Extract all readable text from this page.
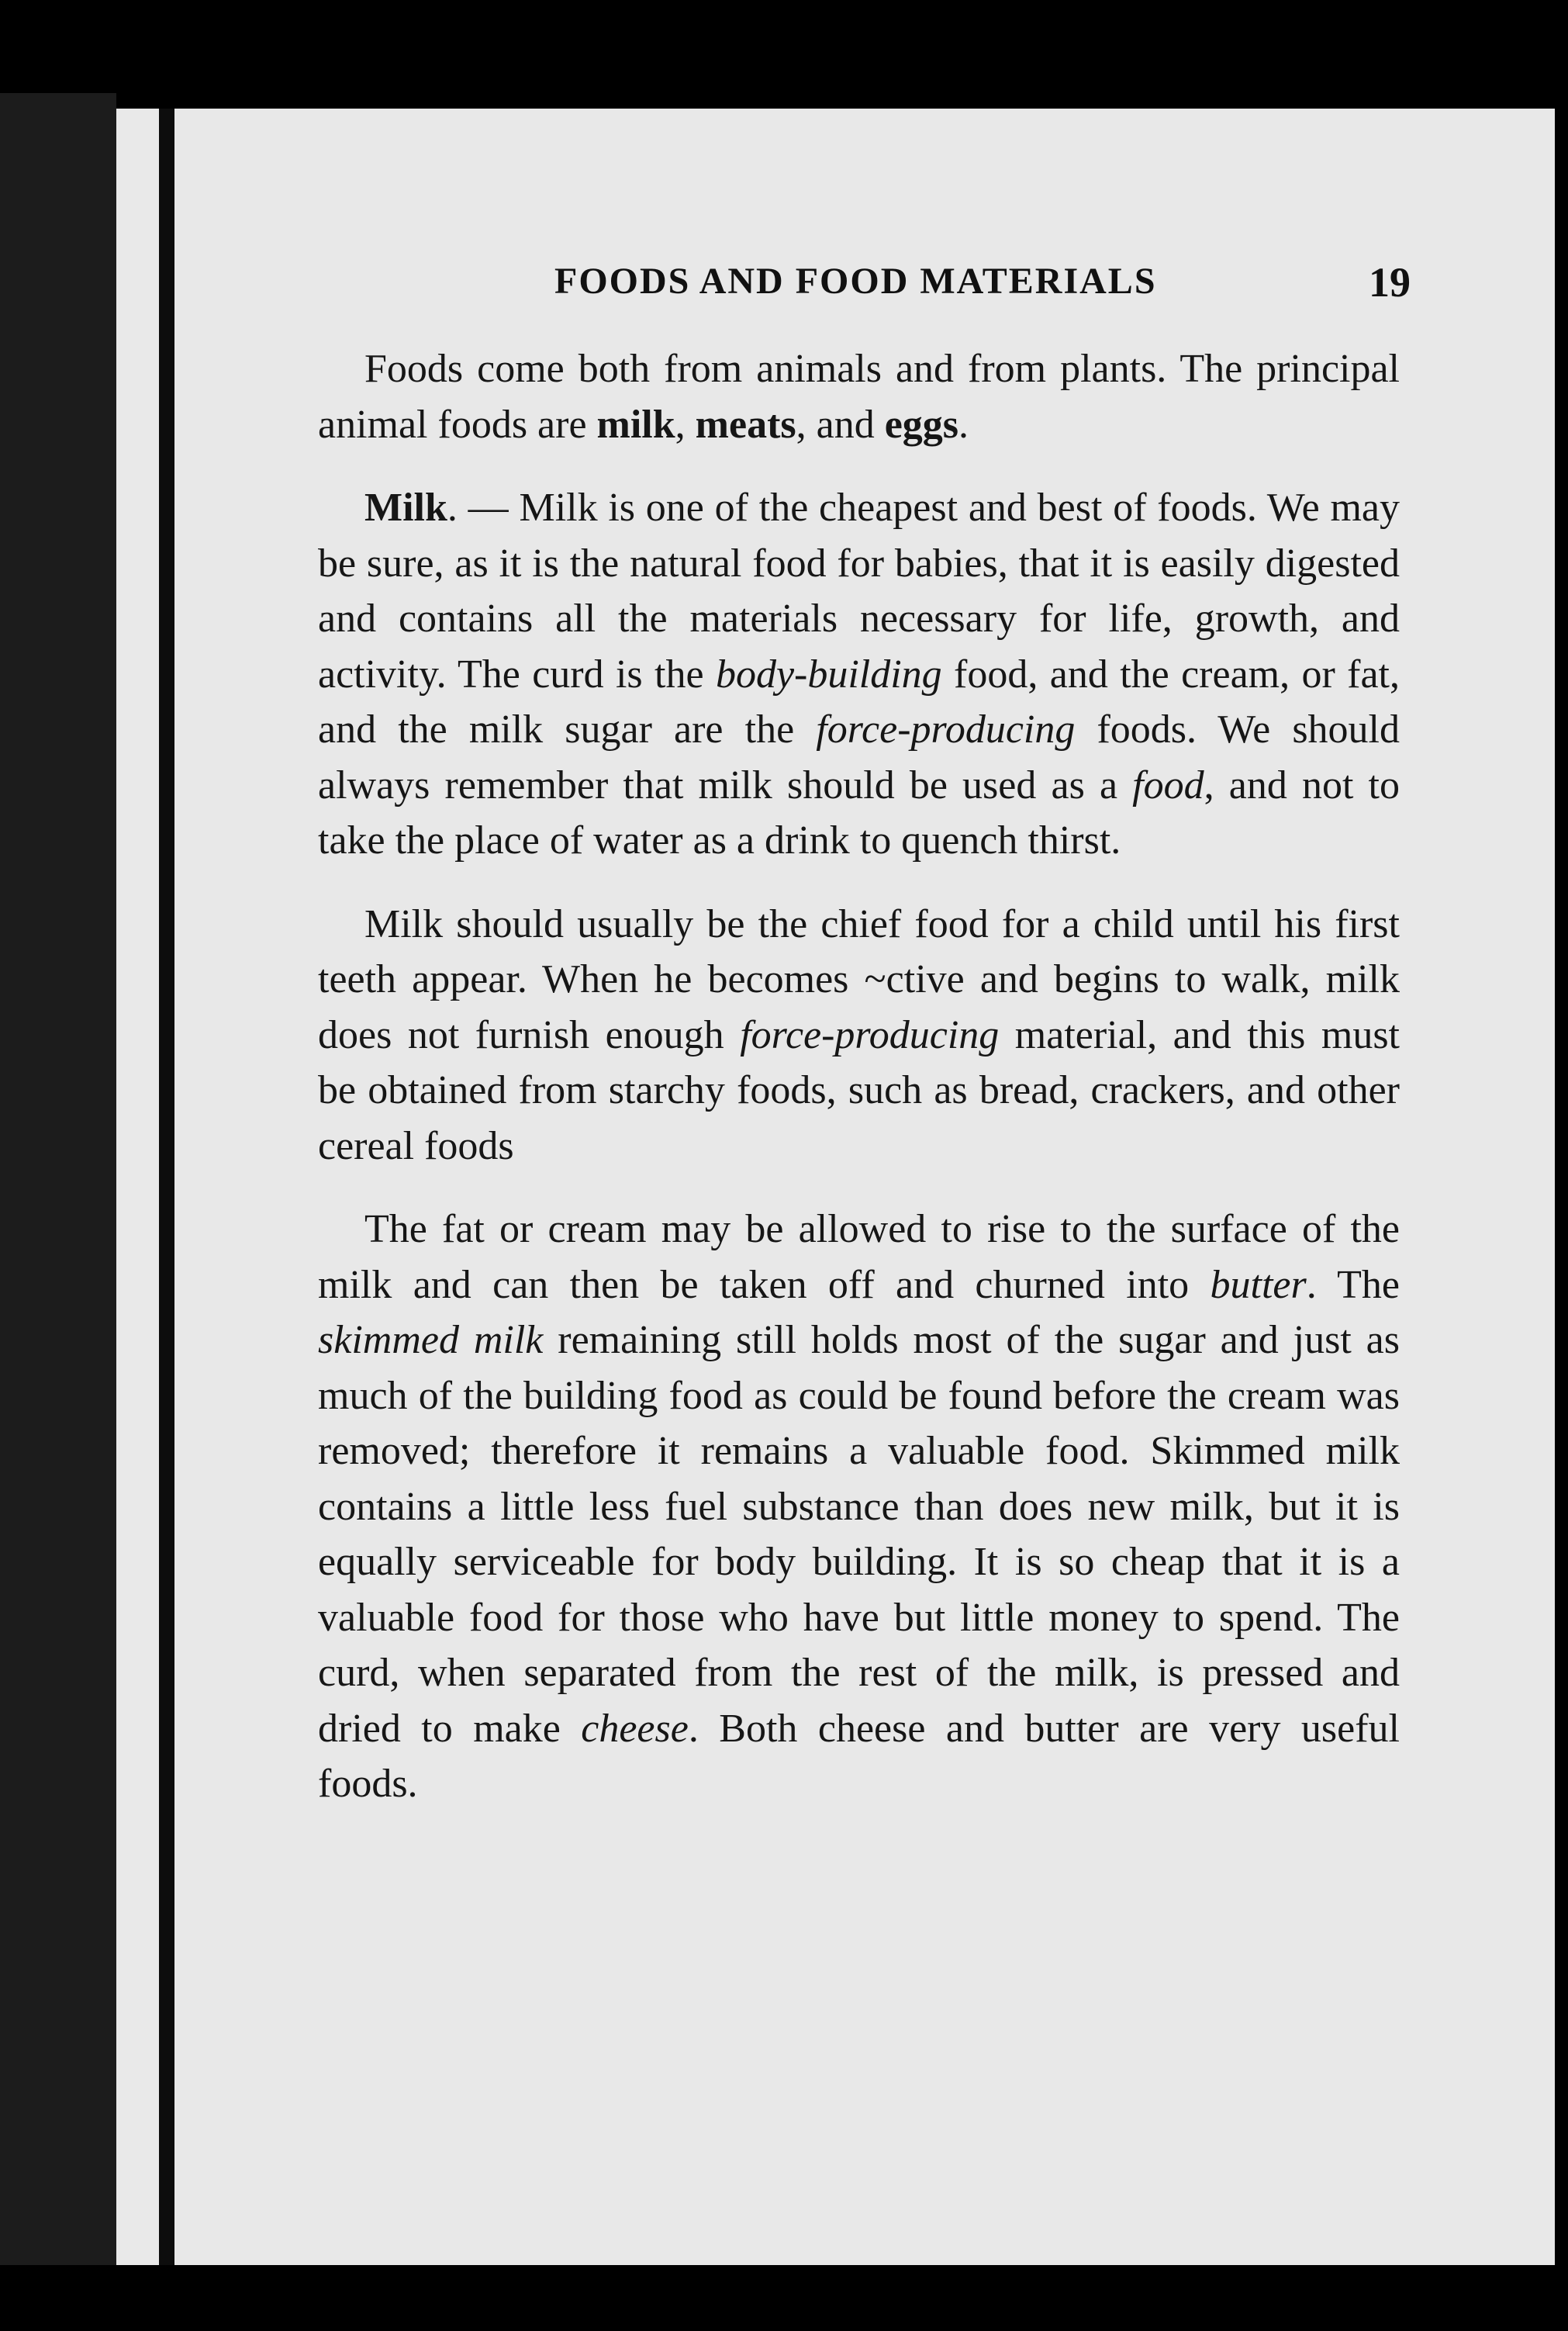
FOODS AND FOOD MATERIALS	19

Foods come both from animals and from plants. The principal animal foods are milk, meats, and eggs.

Milk. — Milk is one of the cheapest and best of foods. We may be sure, as it is the natural food for babies, that it is easily digested and contains all the materials necessary for life, growth, and activity. The curd is the body-building food, and the cream, or fat, and the milk sugar are the force-producing foods. We should always remember that milk should be used as a food, and not to take the place of water as a drink to quench thirst.

Milk should usually be the chief food for a child until his first teeth appear. When he becomes ~ctive and begins to walk, milk does not furnish enough force-producing material, and this must be obtained from starchy foods, such as bread, crackers, and other cereal foods

The fat or cream may be allowed to rise to the surface of the milk and can then be taken off and churned into butter. The skimmed milk remaining still holds most of the sugar and just as much of the building food as could be found before the cream was removed; therefore it remains a valuable food. Skimmed milk contains a little less fuel substance than does new milk, but it is equally serviceable for body building. It is so cheap that it is a valuable food for those who have but little money to spend. The curd, when separated from the rest of the milk, is pressed and dried to make cheese. Both cheese and butter are very useful foods.
